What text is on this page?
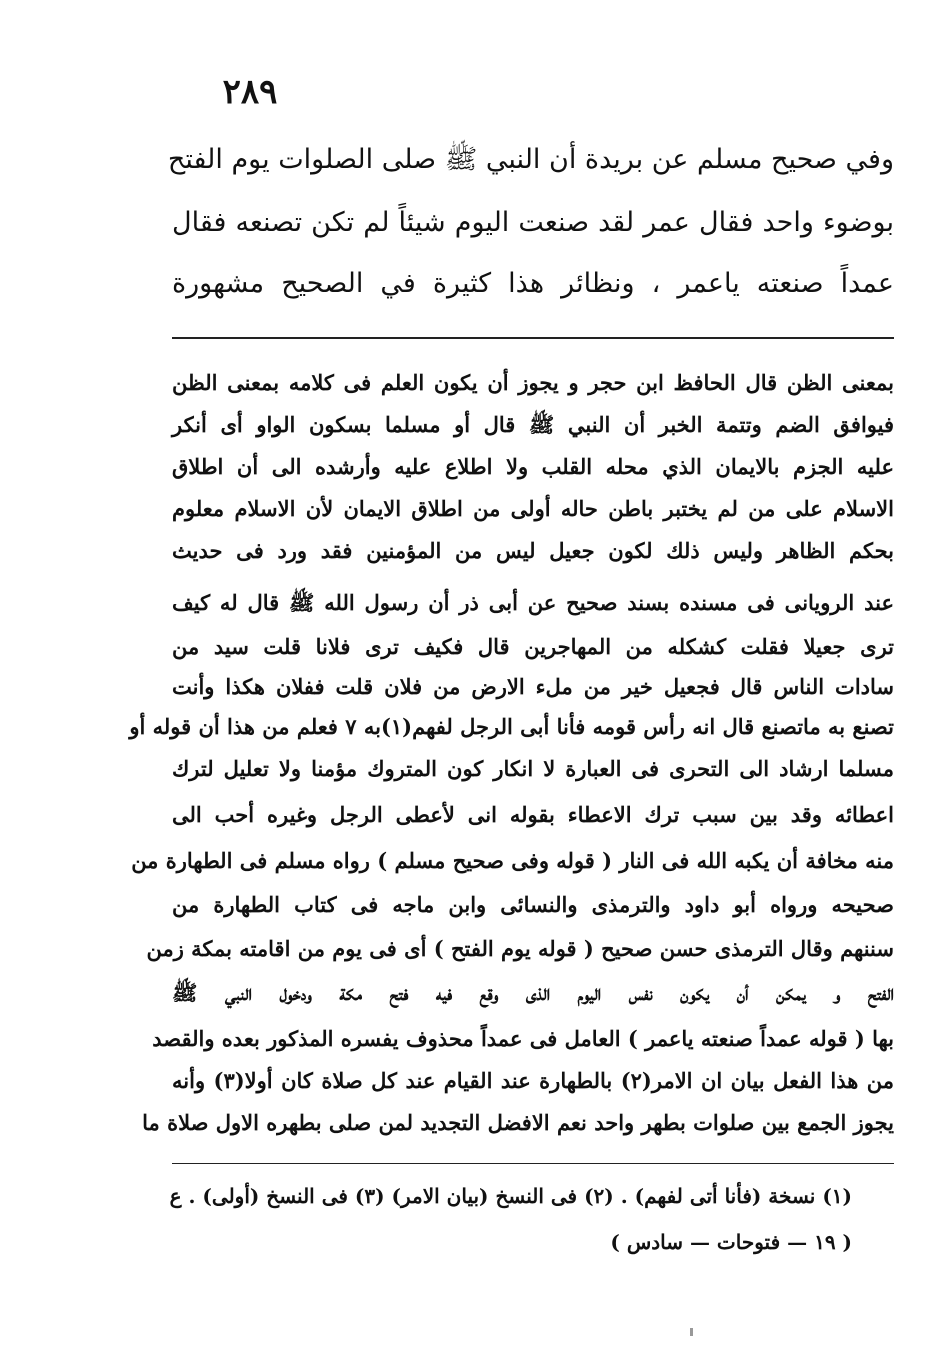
٢٨٩
وفي صحيح مسلم عن بريدة أن النبي ﷺ صلى الصلوات يوم الفتح
بوضوء واحد فقال عمر لقد صنعت اليوم شيئاً لم تكن تصنعه فقال
عمداً صنعته ياعمر ، ونظائر هذا كثيرة في الصحيح مشهورة
بمعنى الظن قال الحافظ ابن حجر و يجوز أن يكون العلم فى كلامه بمعنى الظن
فيوافق الضم وتتمة الخبر أن النبي ﷺ قال أو مسلما بسكون الواو أى أنكر
عليه الجزم بالايمان الذي محله القلب ولا اطلاع عليه وأرشده الى أن اطلاق
الاسلام على من لم يختبر باطن حاله أولى من اطلاق الايمان لأن الاسلام معلوم
بحكم الظاهر وليس ذلك لكون جعيل ليس من المؤمنين فقد ورد فى حديث
عند الرويانى فى مسنده بسند صحيح عن أبى ذر أن رسول الله ﷺ قال له كيف
ترى جعيلا فقلت كشكله من المهاجرين قال فكيف ترى فلانا قلت سيد من
سادات الناس قال فجعيل خير من ملء الارض من فلان قلت ففلان هكذا وأنت
تصنع به ماتصنع قال انه رأس قومه فأنا أبى الرجل لفهم(١)به ٧ فعلم من هذا أن قوله أو
مسلما ارشاد الى التحرى فى العبارة لا انكار كون المتروك مؤمنا ولا تعليل لترك
اعطائه وقد بين سبب ترك الاعطاء بقوله انى لأعطى الرجل وغيره أحب الى
منه مخافة أن يكبه الله فى النار ( قوله وفى صحيح مسلم ) رواه مسلم فى الطهارة من
صحيحه ورواه أبو داود والترمذى والنسائى وابن ماجه فى كتاب الطهارة من
سننهم وقال الترمذى حسن صحيح ( قوله يوم الفتح ) أى فى يوم من اقامته بمكة زمن
الفتح و يمكن أن يكون نفس اليوم الذى وقع فيه فتح مكة ودخول النبي ﷺ
بها ( قوله عمداً صنعته ياعمر ) العامل فى عمداً محذوف يفسره المذكور بعده والقصد
من هذا الفعل بيان ان الامر(٢) بالطهارة عند القيام عند كل صلاة كان أولا(٣) وأنه
يجوز الجمع بين صلوات بطهر واحد نعم الافضل التجديد لمن صلى بطهره الاول صلاة ما
(١) نسخة (فأنا أتى لفهم) . (٢) فى النسخ (بيان الامر) (٣) فى النسخ (أولى) . ع
( ١٩ — فتوحات — سادس )
